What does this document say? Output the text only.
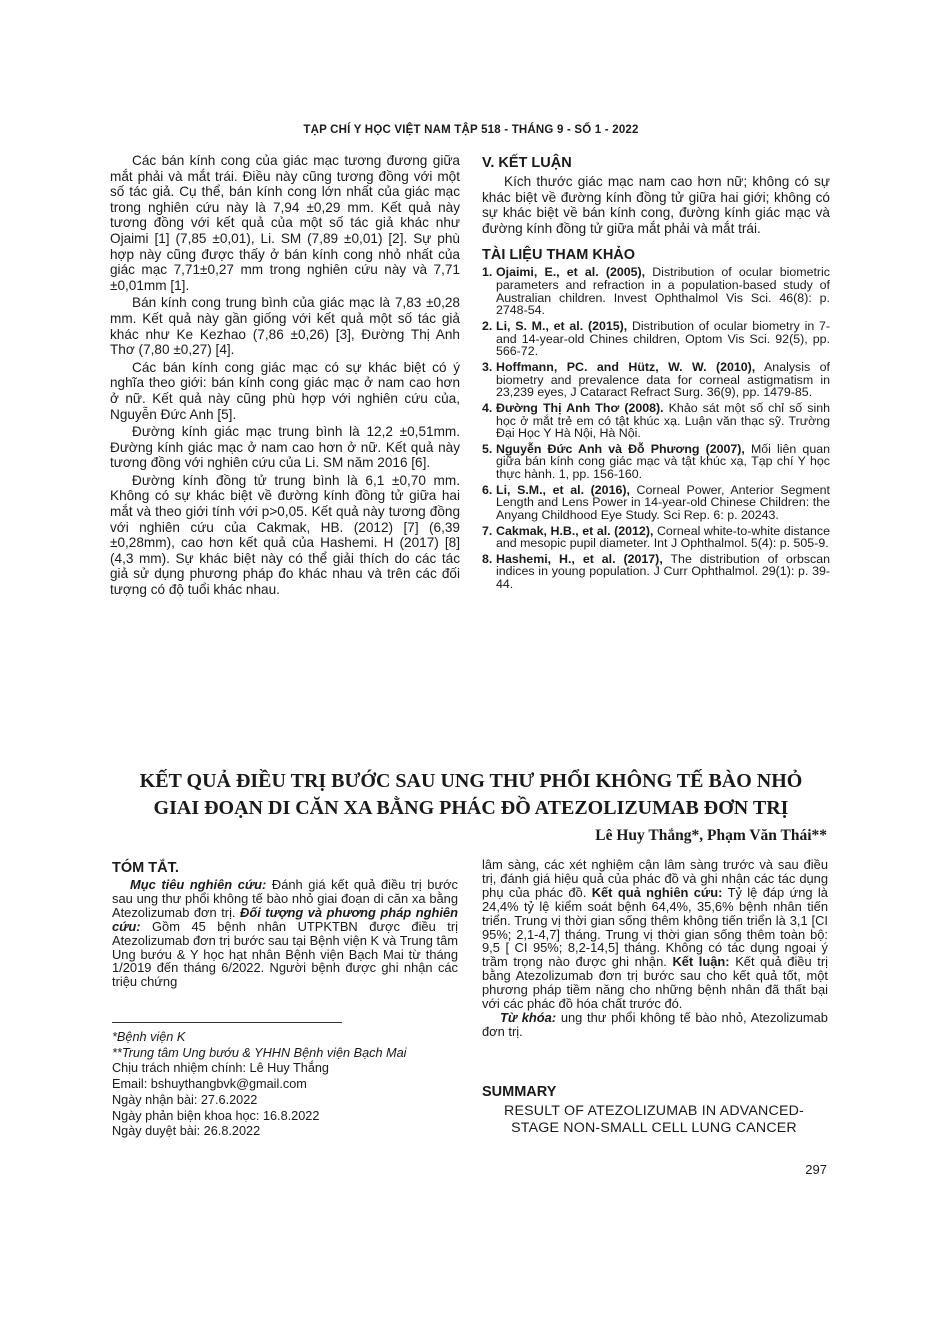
TẠP CHÍ Y HỌC VIỆT NAM TẬP 518 - THÁNG 9 - SỐ 1 - 2022

Các bán kính cong của giác mạc tương đương giữa mắt phải và mắt trái. Điều này cũng tương đồng với một số tác giả. Cụ thể, bán kính cong lớn nhất của giác mạc trong nghiên cứu này là 7,94 ±0,29 mm. Kết quả này tương đồng với kết quả của một số tác giả khác như Ojaimi [1] (7,85 ±0,01), Li. SM (7,89 ±0,01) [2]. Sự phù hợp này cũng được thấy ở bán kính cong nhỏ nhất của giác mạc 7,71±0,27 mm trong nghiên cứu này và 7,71 ±0,01mm [1].

Bán kính cong trung bình của giác mạc là 7,83 ±0,28 mm. Kết quả này gần giống với kết quả một số tác giả khác như Ke Kezhao (7,86 ±0,26) [3], Đường Thị Anh Thơ (7,80 ±0,27) [4].

Các bán kính cong giác mạc có sự khác biệt có ý nghĩa theo giới: bán kính cong giác mạc ở nam cao hơn ở nữ. Kết quả này cũng phù hợp với nghiên cứu của, Nguyễn Đức Anh [5].

Đường kính giác mạc trung bình là 12,2 ±0,51mm. Đường kính giác mạc ở nam cao hơn ở nữ. Kết quả này tương đồng với nghiên cứu của Li. SM năm 2016 [6].

Đường kính đồng tử trung bình là 6,1 ±0,70 mm. Không có sự khác biệt về đường kính đồng tử giữa hai mắt và theo giới tính với p>0,05. Kết quả này tương đồng với nghiên cứu của Cakmak, HB. (2012) [7] (6,39 ±0,28mm), cao hơn kết quả của Hashemi. H (2017) [8] (4,3 mm). Sự khác biệt này có thể giải thích do các tác giả sử dụng phương pháp đo khác nhau và trên các đối tượng có độ tuổi khác nhau.

V. KẾT LUẬN

Kích thước giác mạc nam cao hơn nữ; không có sự khác biệt về đường kính đồng tử giữa hai giới; không có sự khác biệt về bán kính cong, đường kính giác mạc và đường kính đồng tử giữa mắt phải và mắt trái.

TÀI LIỆU THAM KHẢO
1. Ojaimi, E., et al. (2005), Distribution of ocular biometric parameters and refraction in a population-based study of Australian children. Invest Ophthalmol Vis Sci. 46(8): p. 2748-54.
2. Li, S. M., et al. (2015), Distribution of ocular biometry in 7- and 14-year-old Chines children, Optom Vis Sci. 92(5), pp. 566-72.
3. Hoffmann, PC. and Hütz, W. W. (2010), Analysis of biometry and prevalence data for corneal astigmatism in 23,239 eyes, J Cataract Refract Surg. 36(9), pp. 1479-85.
4. Đường Thị Anh Thơ (2008). Khảo sát một số chỉ số sinh học ở mắt trẻ em có tật khúc xạ. Luận văn thạc sỹ. Trường Đại Học Y Hà Nội, Hà Nội.
5. Nguyễn Đức Anh và Đỗ Phương (2007), Mối liên quan giữa bán kính cong giác mạc và tật khúc xạ, Tạp chí Y học thực hành. 1, pp. 156-160.
6. Li, S.M., et al. (2016), Corneal Power, Anterior Segment Length and Lens Power in 14-year-old Chinese Children: the Anyang Childhood Eye Study. Sci Rep. 6: p. 20243.
7. Cakmak, H.B., et al. (2012), Corneal white-to-white distance and mesopic pupil diameter. Int J Ophthalmol. 5(4): p. 505-9.
8. Hashemi, H., et al. (2017), The distribution of orbscan indices in young population. J Curr Ophthalmol. 29(1): p. 39-44.
KẾT QUẢ ĐIỀU TRỊ BƯỚC SAU UNG THƯ PHỔI KHÔNG TẾ BÀO NHỎ
GIAI ĐOẠN DI CĂN XA BẰNG PHÁC ĐỒ ATEZOLIZUMAB ĐƠN TRỊ
Lê Huy Thắng*, Phạm Văn Thái**
TÓM TẮT.

Mục tiêu nghiên cứu: Đánh giá kết quả điều trị bước sau ung thư phổi không tế bào nhỏ giai đoạn di căn xa bằng Atezolizumab đơn trị. Đối tượng và phương pháp nghiên cứu: Gồm 45 bệnh nhân UTPKTBN được điều trị Atezolizumab đơn trị bước sau tại Bệnh viện K và Trung tâm Ung bướu & Y học hạt nhân Bệnh viện Bạch Mai từ tháng 1/2019 đến tháng 6/2022. Người bệnh được ghi nhận các triệu chứng

lâm sàng, các xét nghiệm cận lâm sàng trước và sau điều trị, đánh giá hiệu quả của phác đồ và ghi nhận các tác dụng phụ của phác đồ. Kết quả nghiên cứu: Tỷ lệ đáp ứng là 24,4% tỷ lệ kiểm soát bệnh 64,4%, 35,6% bệnh nhân tiến triển. Trung vị thời gian sống thêm không tiến triển là 3,1 [CI 95%; 2,1-4,7] tháng. Trung vị thời gian sống thêm toàn bộ: 9,5 [ CI 95%; 8,2-14,5] tháng. Không có tác dụng ngoại ý trầm trọng nào được ghi nhận. Kết luận: Kết quả điều trị bằng Atezolizumab đơn trị bước sau cho kết quả tốt, một phương pháp tiềm năng cho những bệnh nhân đã thất bại với các phác đồ hóa chất trước đó.

Từ khóa: ung thư phổi không tế bào nhỏ, Atezolizumab đơn trị.

*Bệnh viện K
**Trung tâm Ung bướu & YHHN Bệnh viện Bạch Mai
Chịu trách nhiệm chính: Lê Huy Thắng
Email: bshuythangbvk@gmail.com
Ngày nhận bài: 27.6.2022
Ngày phản biện khoa học: 16.8.2022
Ngày duyệt bài: 26.8.2022
SUMMARY
RESULT OF ATEZOLIZUMAB IN ADVANCED-
STAGE NON-SMALL CELL LUNG CANCER
297
